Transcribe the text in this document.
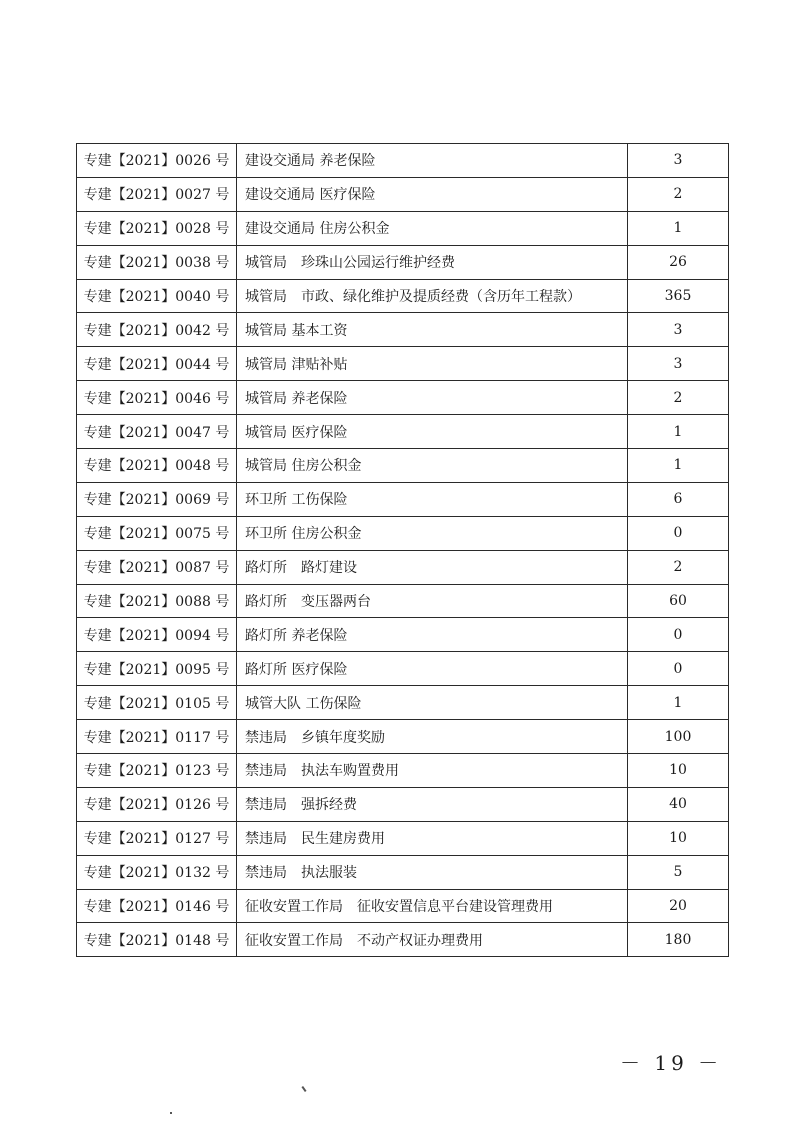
专建【2021】0026 号	建设交通局 养老保险	3
专建【2021】0027 号	建设交通局 医疗保险	2
专建【2021】0028 号	建设交通局 住房公积金	1
专建【2021】0038 号	城管局　珍珠山公园运行维护经费	26
专建【2021】0040 号	城管局　市政、绿化维护及提质经费（含历年工程款）	365
专建【2021】0042 号	城管局 基本工资	3
专建【2021】0044 号	城管局 津贴补贴	3
专建【2021】0046 号	城管局 养老保险	2
专建【2021】0047 号	城管局 医疗保险	1
专建【2021】0048 号	城管局 住房公积金	1
专建【2021】0069 号	环卫所 工伤保险	6
专建【2021】0075 号	环卫所 住房公积金	0
专建【2021】0087 号	路灯所　路灯建设	2
专建【2021】0088 号	路灯所　变压器两台	60
专建【2021】0094 号	路灯所 养老保险	0
专建【2021】0095 号	路灯所 医疗保险	0
专建【2021】0105 号	城管大队 工伤保险	1
专建【2021】0117 号	禁违局　乡镇年度奖励	100
专建【2021】0123 号	禁违局　执法车购置费用	10
专建【2021】0126 号	禁违局　强拆经费	40
专建【2021】0127 号	禁违局　民生建房费用	10
专建【2021】0132 号	禁违局　执法服装	5
专建【2021】0146 号	征收安置工作局　征收安置信息平台建设管理费用	20
专建【2021】0148 号	征收安置工作局　不动产权证办理费用	180
－ 19 －
